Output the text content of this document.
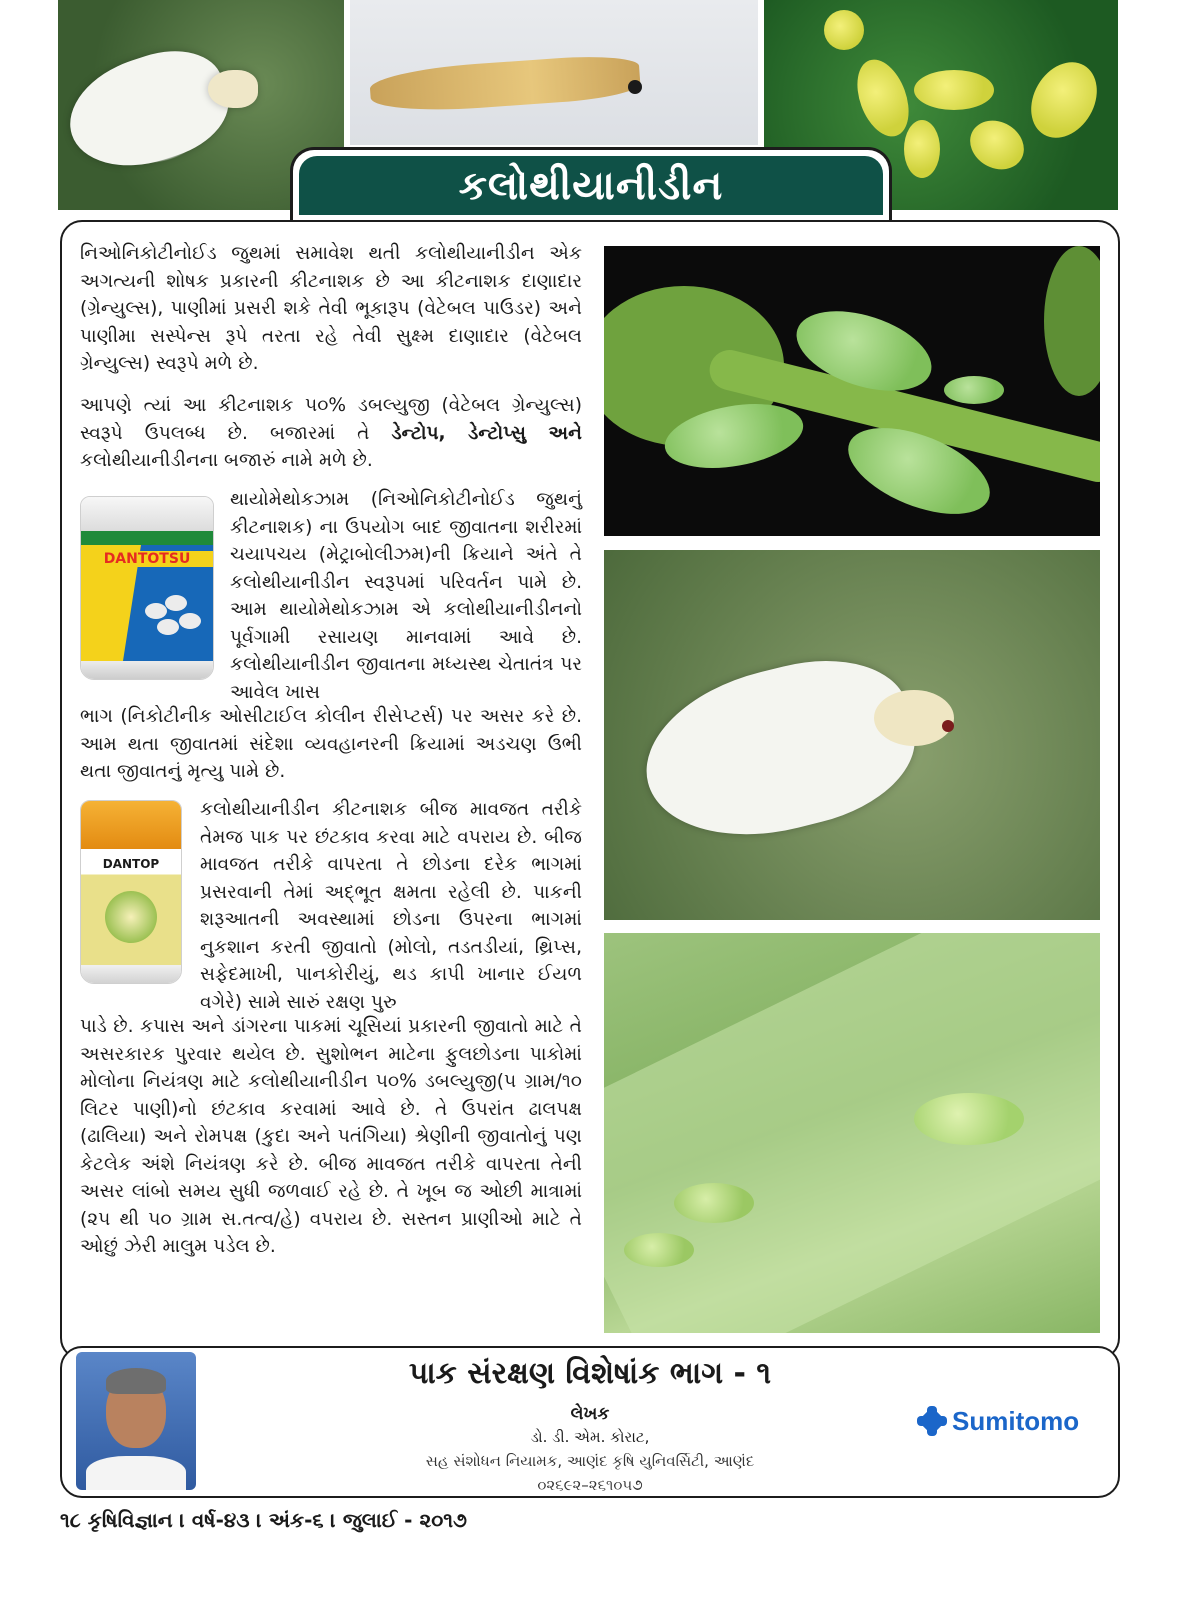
કલોથીયાનીડીન

નિઓનિકોટીનોઈડ જુથમાં સમાવેશ થતી કલોથીયાનીડીન એક અગત્યની શોષક પ્રકારની કીટનાશક છે આ કીટનાશક દાણાદાર (ગ્રેન્યુલ્સ), પાણીમાં પ્રસરી શકે તેવી ભૂકારૂપ (વેટેબલ પાઉડર) અને પાણીમા સસ્પેન્સ રૂપે તરતા રહે તેવી સુક્ષ્મ દાણાદાર (વેટેબલ ગ્રેન્યુલ્સ) સ્વરૂપે મળે છે.

આપણે ત્યાં આ કીટનાશક ૫૦% ડબલ્યુજી (વેટેબલ ગ્રેન્યુલ્સ) સ્વરૂપે ઉપલબ્ધ છે. બજારમાં તે ડેન્ટોપ, ડેન્ટોપ્સુ અને કલોથીયાનીડીનના બજારું નામે મળે છે.

DANTOTSU

થાયોમેથોકઝામ (નિઓનિકોટીનોઈડ જુથનું કીટનાશક) ના ઉપયોગ બાદ જીવાતના શરીરમાં ચયાપચય (મેટ્રાબોલીઝમ)ની ક્રિયાને અંતે તે કલોથીયાનીડીન સ્વરૂપમાં પરિવર્તન પામે છે. આમ થાયોમેથોકઝામ એ કલોથીયાનીડીનનો પૂર્વગામી રસાયણ માનવામાં આવે છે. કલોથીયાનીડીન જીવાતના મધ્યસ્થ ચેતાતંત્ર પર આવેલ ખાસ

ભાગ (નિકોટીનીક ઓસીટાઈલ કોલીન રીસેપ્ટર્સ) પર અસર કરે છે. આમ થતા જીવાતમાં સંદેશા વ્યવહાનરની ક્રિયામાં અડચણ ઉભી થતા જીવાતનું મૃત્યુ પામે છે.

DANTOP

કલોથીયાનીડીન કીટનાશક બીજ માવજત તરીકે તેમજ પાક પર છંટકાવ કરવા માટે વપરાય છે. બીજ માવજત તરીકે વાપરતા તે છોડના દરેક ભાગમાં પ્રસરવાની તેમાં અદ્‌ભૂત ક્ષમતા રહેલી છે. પાકની શરૂઆતની અવસ્થામાં છોડના ઉપરના ભાગમાં નુકશાન કરતી જીવાતો (મોલો, તડતડીયાં, થ્રિપ્સ, સફેદમાખી, પાનકોરીયું, થડ કાપી ખાનાર ઈયળ વગેરે) સામે સારું રક્ષણ પુરુ

પાડે છે. કપાસ અને ડાંગરના પાકમાં ચૂસિયાં પ્રકારની જીવાતો માટે તે અસરકારક પુરવાર થયેલ છે. સુશોભન માટેના ફુલછોડના પાકોમાં મોલોના નિયંત્રણ માટે કલોથીયાનીડીન ૫૦% ડબલ્યુજી(૫ ગ્રામ/૧૦ લિટર પાણી)નો છંટકાવ કરવામાં આવે છે. તે ઉપરાંત ઢાલપક્ષ (ઢાલિયા) અને રોમપક્ષ (કુદા અને પતંગિયા) શ્રેણીની જીવાતોનું પણ કેટલેક અંશે નિયંત્રણ કરે છે. બીજ માવજત તરીકે વાપરતા તેની અસર લાંબો સમય સુધી જળવાઈ રહે છે. તે ખૂબ જ ઓછી માત્રામાં (૨૫ થી ૫૦ ગ્રામ સ.તત્વ/હે) વપરાય છે. સસ્તન પ્રાણીઓ માટે તે ઓછું ઝેરી માલુમ પડેલ છે.

પાક સંરક્ષણ વિશેષાંક ભાગ - ૧
લેખક
ડો. ડી. એમ. કોરાટ,
સહ સંશોધન નિયામક, આણંદ કૃષિ યુનિવર્સિટી, આણંદ
૦૨૬૯૨–૨૬૧૦૫૭
Sumitomo
૧૮ કૃષિવિજ્ઞાન । વર્ષ-૪૩ । અંક-૬ । જુલાઈ - ૨૦૧૭
